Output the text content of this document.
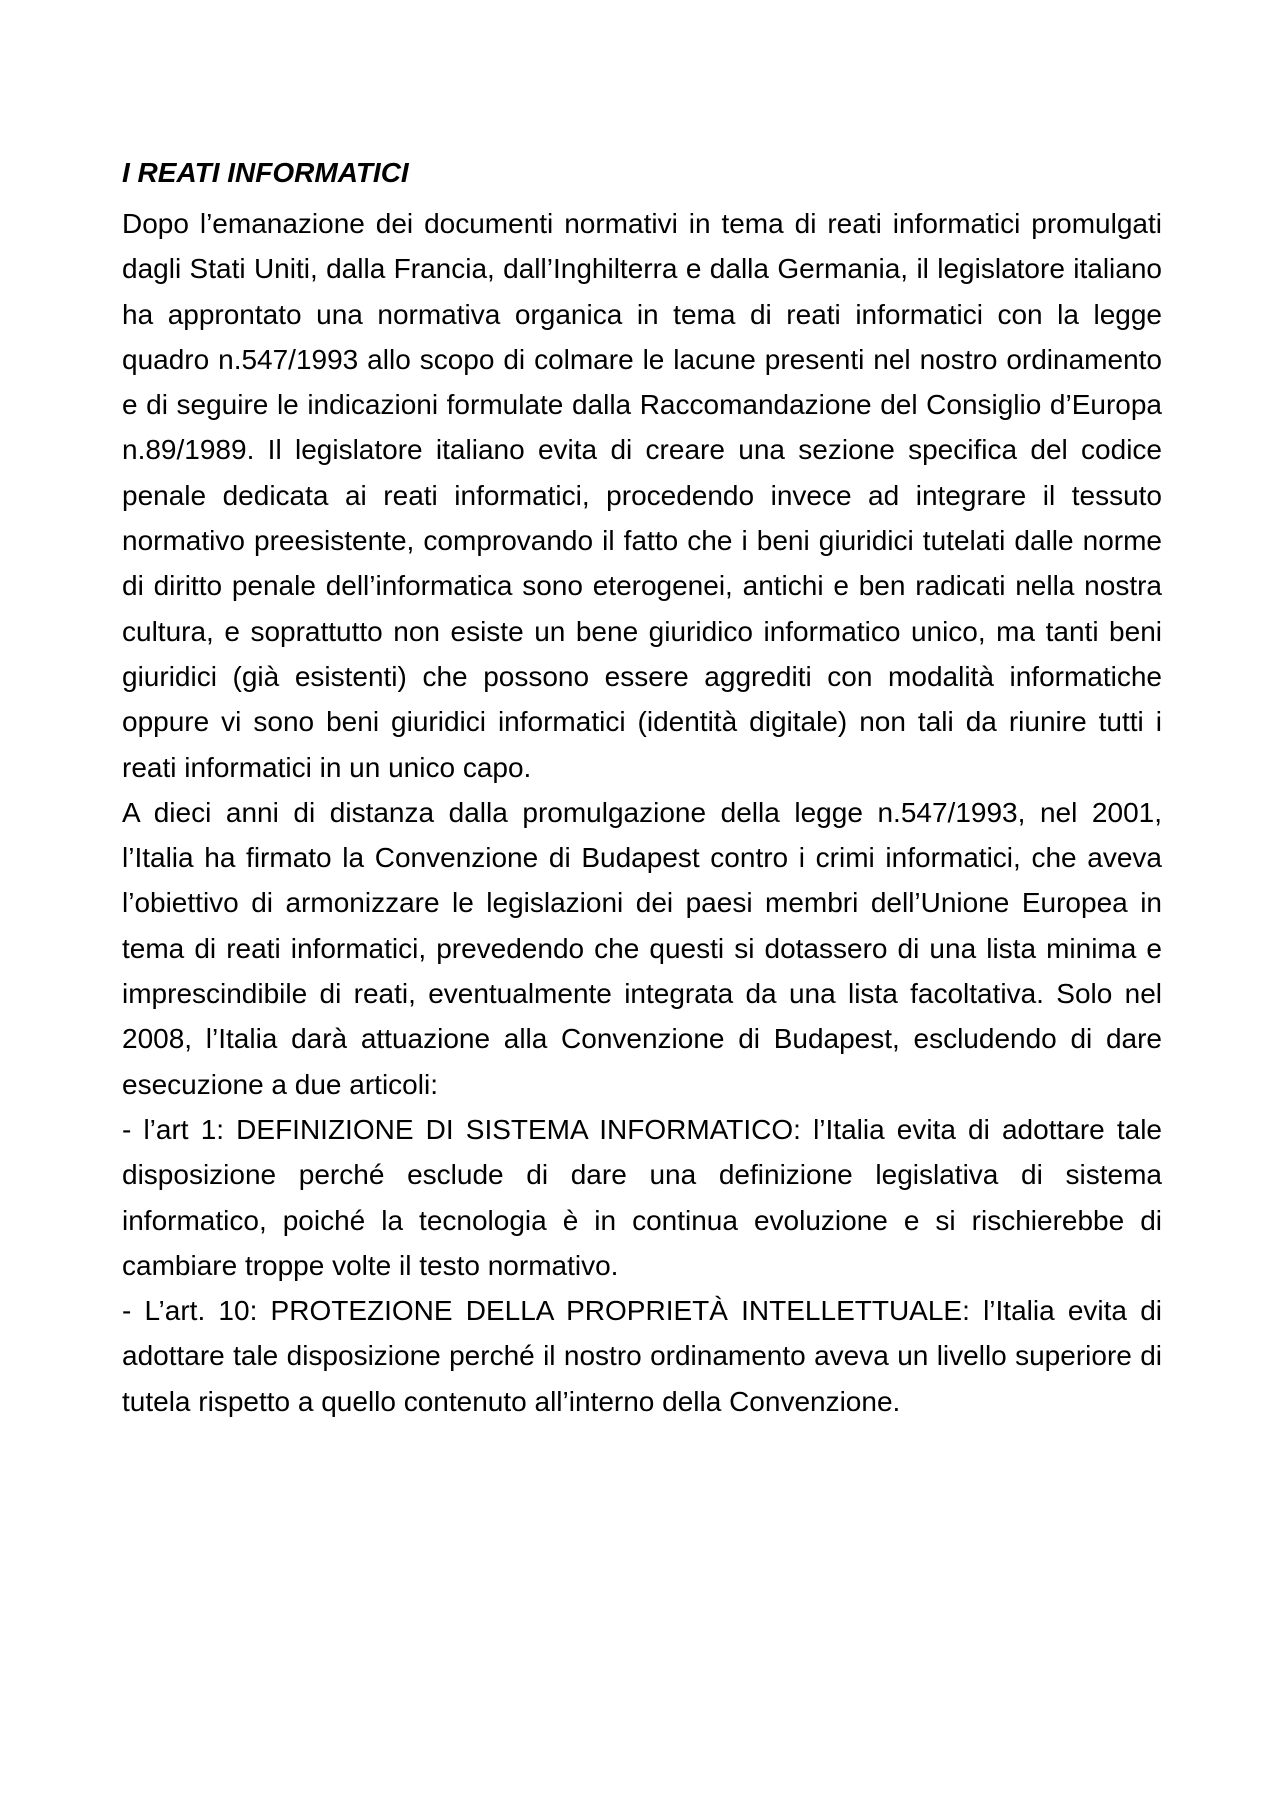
I REATI INFORMATICI

Dopo l’emanazione dei documenti normativi in tema di reati informatici promulgati dagli Stati Uniti, dalla Francia, dall’Inghilterra e dalla Germania, il legislatore italiano ha approntato una normativa organica in tema di reati informatici con la legge quadro n.547/1993 allo scopo di colmare le lacune presenti nel nostro ordinamento e di seguire le indicazioni formulate dalla Raccomandazione del Consiglio d’Europa n.89/1989. Il legislatore italiano evita di creare una sezione specifica del codice penale dedicata ai reati informatici, procedendo invece ad integrare il tessuto normativo preesistente, comprovando il fatto che i beni giuridici tutelati dalle norme di diritto penale dell’informatica sono eterogenei, antichi e ben radicati nella nostra cultura, e soprattutto non esiste un bene giuridico informatico unico, ma tanti beni giuridici (già esistenti) che possono essere aggrediti con modalità informatiche oppure vi sono beni giuridici informatici (identità digitale) non tali da riunire tutti i reati informatici in un unico capo.

A dieci anni di distanza dalla promulgazione della legge n.547/1993, nel 2001, l’Italia ha firmato la Convenzione di Budapest contro i crimi informatici, che aveva l’obiettivo di armonizzare le legislazioni dei paesi membri dell’Unione Europea in tema di reati informatici, prevedendo che questi si dotassero di una lista minima e imprescindibile di reati, eventualmente integrata da una lista facoltativa. Solo nel 2008, l’Italia darà attuazione alla Convenzione di Budapest, escludendo di dare esecuzione a due articoli:

- l’art 1: DEFINIZIONE DI SISTEMA INFORMATICO: l’Italia evita di adottare tale disposizione perché esclude di dare una definizione legislativa di sistema informatico, poiché la tecnologia è in continua evoluzione e si rischierebbe di cambiare troppe volte il testo normativo.

- L’art. 10: PROTEZIONE DELLA PROPRIETÀ INTELLETTUALE: l’Italia evita di adottare tale disposizione perché il nostro ordinamento aveva un livello superiore di tutela rispetto a quello contenuto all’interno della Convenzione.
